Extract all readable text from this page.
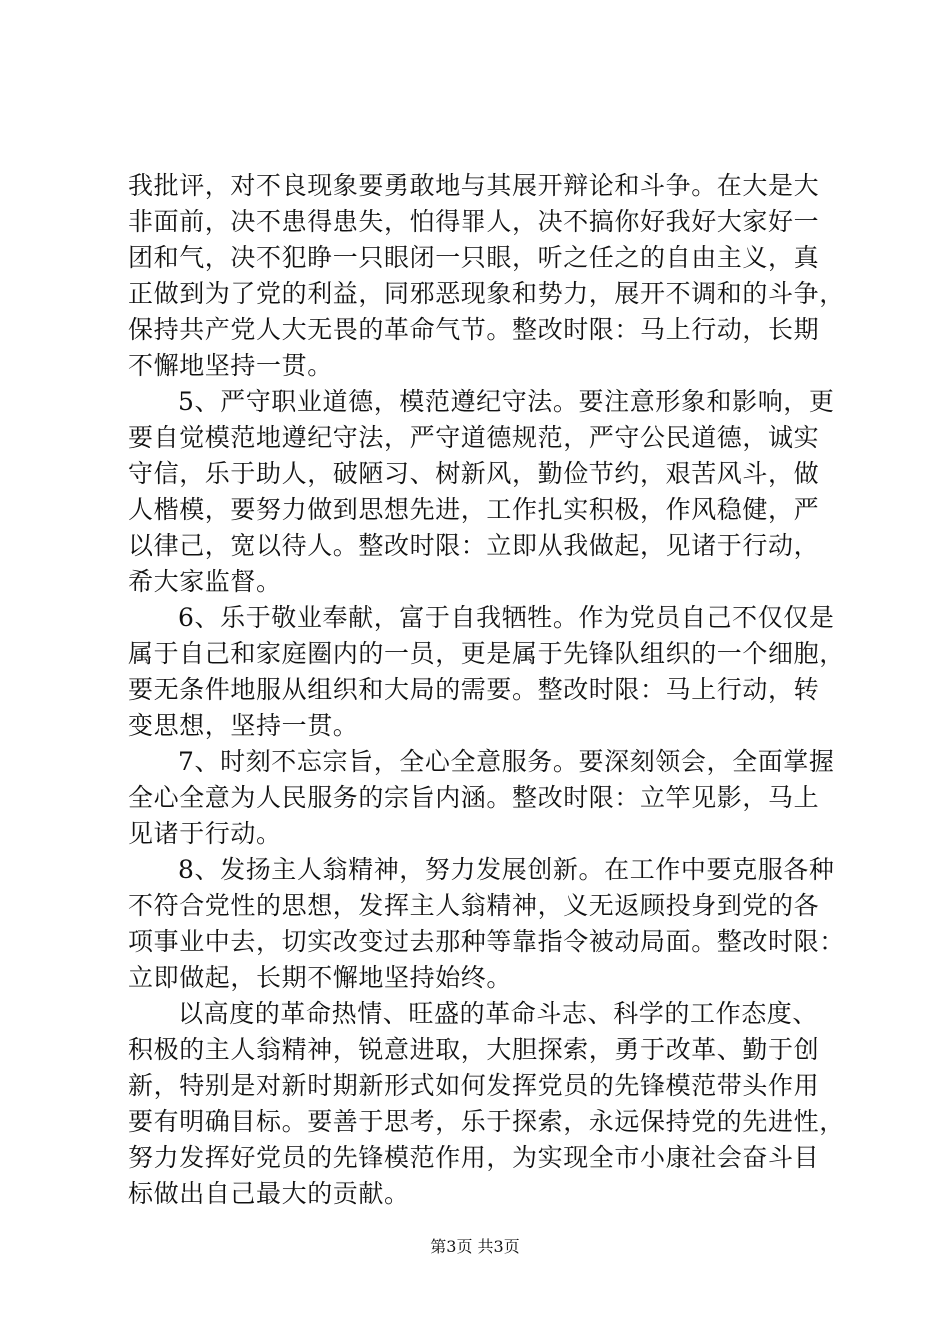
我批评，对不良现象要勇敢地与其展开辩论和斗争。在大是大
非面前，决不患得患失，怕得罪人，决不搞你好我好大家好一
团和气，决不犯睁一只眼闭一只眼，听之任之的自由主义，真
正做到为了党的利益，同邪恶现象和势力，展开不调和的斗争，
保持共产党人大无畏的革命气节。整改时限：马上行动，长期
不懈地坚持一贯。
5、严守职业道德，模范遵纪守法。要注意形象和影响，更
要自觉模范地遵纪守法，严守道德规范，严守公民道德，诚实
守信，乐于助人，破陋习、树新风，勤俭节约，艰苦风斗，做
人楷模，要努力做到思想先进，工作扎实积极，作风稳健，严
以律己，宽以待人。整改时限：立即从我做起，见诸于行动，
希大家监督。
6、乐于敬业奉献，富于自我牺牲。作为党员自己不仅仅是
属于自己和家庭圈内的一员，更是属于先锋队组织的一个细胞，
要无条件地服从组织和大局的需要。整改时限：马上行动，转
变思想，坚持一贯。
7、时刻不忘宗旨，全心全意服务。要深刻领会，全面掌握
全心全意为人民服务的宗旨内涵。整改时限：立竿见影，马上
见诸于行动。
8、发扬主人翁精神，努力发展创新。在工作中要克服各种
不符合党性的思想，发挥主人翁精神，义无返顾投身到党的各
项事业中去，切实改变过去那种等靠指令被动局面。整改时限：
立即做起，长期不懈地坚持始终。
以高度的革命热情、旺盛的革命斗志、科学的工作态度、
积极的主人翁精神，锐意进取，大胆探索，勇于改革、勤于创
新，特别是对新时期新形式如何发挥党员的先锋模范带头作用
要有明确目标。要善于思考，乐于探索，永远保持党的先进性，
努力发挥好党员的先锋模范作用，为实现全市小康社会奋斗目
标做出自己最大的贡献。
第3页 共3页
